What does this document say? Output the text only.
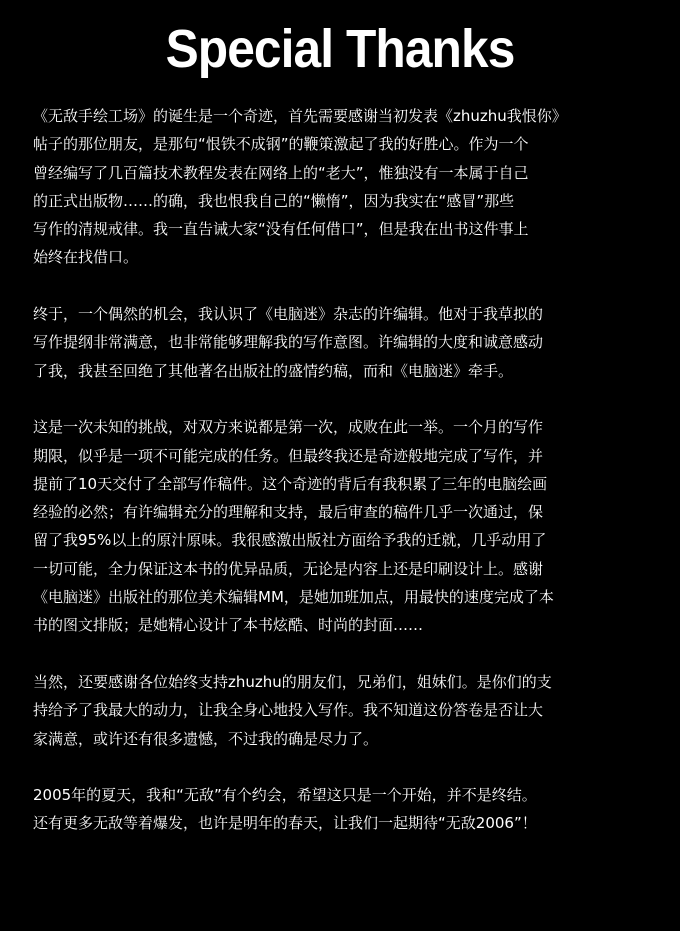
Special Thanks

《无敌手绘工场》的诞生是一个奇迹，首先需要感谢当初发表《zhuzhu我恨你》
帖子的那位朋友，是那句“恨铁不成钢”的鞭策激起了我的好胜心。作为一个
曾经编写了几百篇技术教程发表在网络上的“老大”，惟独没有一本属于自己
的正式出版物……的确，我也恨我自己的“懒惰”，因为我实在“感冒”那些
写作的清规戒律。我一直告诫大家“没有任何借口”，但是我在出书这件事上
始终在找借口。

终于，一个偶然的机会，我认识了《电脑迷》杂志的许编辑。他对于我草拟的
写作提纲非常满意，也非常能够理解我的写作意图。许编辑的大度和诚意感动
了我，我甚至回绝了其他著名出版社的盛情约稿，而和《电脑迷》牵手。

这是一次未知的挑战，对双方来说都是第一次，成败在此一举。一个月的写作
期限，似乎是一项不可能完成的任务。但最终我还是奇迹般地完成了写作，并
提前了10天交付了全部写作稿件。这个奇迹的背后有我积累了三年的电脑绘画
经验的必然；有许编辑充分的理解和支持，最后审查的稿件几乎一次通过，保
留了我95%以上的原汁原味。我很感激出版社方面给予我的迁就，几乎动用了
一切可能，全力保证这本书的优异品质，无论是内容上还是印刷设计上。感谢
《电脑迷》出版社的那位美术编辑MM，是她加班加点，用最快的速度完成了本
书的图文排版；是她精心设计了本书炫酷、时尚的封面……

当然，还要感谢各位始终支持zhuzhu的朋友们，兄弟们，姐妹们。是你们的支
持给予了我最大的动力，让我全身心地投入写作。我不知道这份答卷是否让大
家满意，或许还有很多遗憾，不过我的确是尽力了。

2005年的夏天，我和“无敌”有个约会，希望这只是一个开始，并不是终结。
还有更多无敌等着爆发，也许是明年的春天，让我们一起期待“无敌2006”！
